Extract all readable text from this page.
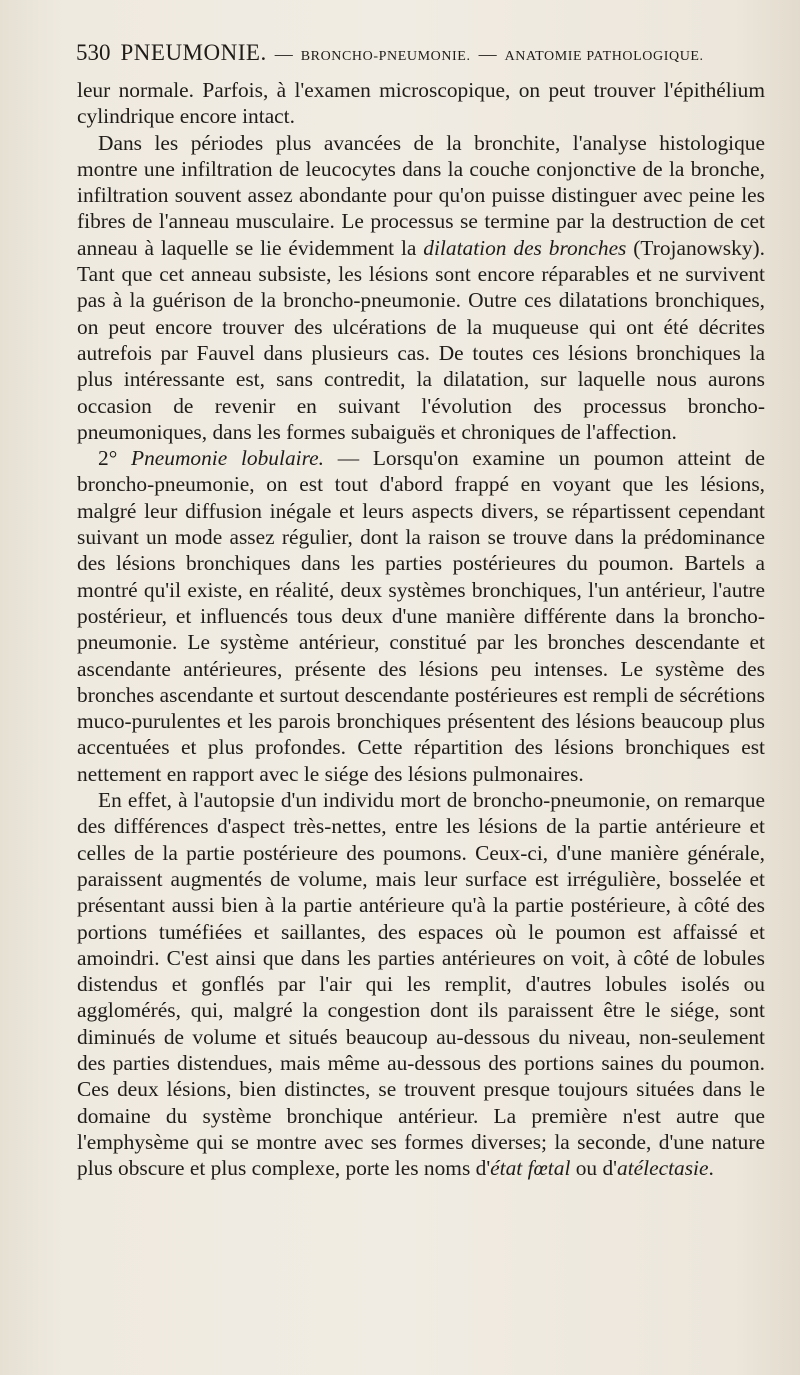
530 PNEUMONIE. — BRONCHO-PNEUMONIE. — ANATOMIE PATHOLOGIQUE.

leur normale. Parfois, à l'examen microscopique, on peut trouver l'épithélium cylindrique encore intact.

Dans les périodes plus avancées de la bronchite, l'analyse histologique montre une infiltration de leucocytes dans la couche conjonctive de la bronche, infiltration souvent assez abondante pour qu'on puisse distinguer avec peine les fibres de l'anneau musculaire. Le processus se termine par la destruction de cet anneau à laquelle se lie évidemment la dilatation des bronches (Trojanowsky). Tant que cet anneau subsiste, les lésions sont encore réparables et ne survivent pas à la guérison de la broncho-pneumonie. Outre ces dilatations bronchiques, on peut encore trouver des ulcérations de la muqueuse qui ont été décrites autrefois par Fauvel dans plusieurs cas. De toutes ces lésions bronchiques la plus intéressante est, sans contredit, la dilatation, sur laquelle nous aurons occasion de revenir en suivant l'évolution des processus broncho-pneumoniques, dans les formes subaiguës et chroniques de l'affection.

2° Pneumonie lobulaire. — Lorsqu'on examine un poumon atteint de broncho-pneumonie, on est tout d'abord frappé en voyant que les lésions, malgré leur diffusion inégale et leurs aspects divers, se répartissent cependant suivant un mode assez régulier, dont la raison se trouve dans la prédominance des lésions bronchiques dans les parties postérieures du poumon. Bartels a montré qu'il existe, en réalité, deux systèmes bronchiques, l'un antérieur, l'autre postérieur, et influencés tous deux d'une manière différente dans la broncho-pneumonie. Le système antérieur, constitué par les bronches descendante et ascendante antérieures, présente des lésions peu intenses. Le système des bronches ascendante et surtout descendante postérieures est rempli de sécrétions muco-purulentes et les parois bronchiques présentent des lésions beaucoup plus accentuées et plus profondes. Cette répartition des lésions bronchiques est nettement en rapport avec le siége des lésions pulmonaires.

En effet, à l'autopsie d'un individu mort de broncho-pneumonie, on remarque des différences d'aspect très-nettes, entre les lésions de la partie antérieure et celles de la partie postérieure des poumons. Ceux-ci, d'une manière générale, paraissent augmentés de volume, mais leur surface est irrégulière, bosselée et présentant aussi bien à la partie antérieure qu'à la partie postérieure, à côté des portions tuméfiées et saillantes, des espaces où le poumon est affaissé et amoindri. C'est ainsi que dans les parties antérieures on voit, à côté de lobules distendus et gonflés par l'air qui les remplit, d'autres lobules isolés ou agglomérés, qui, malgré la congestion dont ils paraissent être le siége, sont diminués de volume et situés beaucoup au-dessous du niveau, non-seulement des parties distendues, mais même au-dessous des portions saines du poumon. Ces deux lésions, bien distinctes, se trouvent presque toujours situées dans le domaine du système bronchique antérieur. La première n'est autre que l'emphysème qui se montre avec ses formes diverses; la seconde, d'une nature plus obscure et plus complexe, porte les noms d'état fœtal ou d'atélectasie.
